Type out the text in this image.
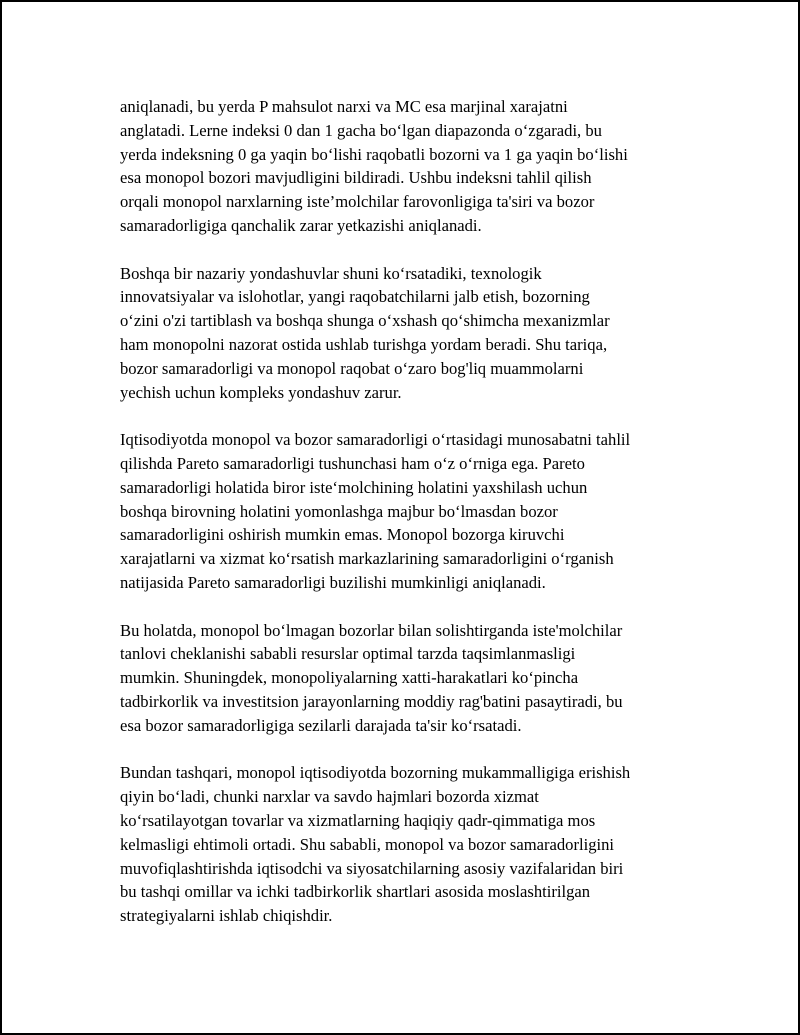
aniqlanadi, bu yerda P mahsulot narxi va MC esa marjinal xarajatni
anglatadi. Lerne indeksi 0 dan 1 gacha bo‘lgan diapazonda o‘zgaradi, bu
yerda indeksning 0 ga yaqin bo‘lishi raqobatli bozorni va 1 ga yaqin bo‘lishi
esa monopol bozori mavjudligini bildiradi. Ushbu indeksni tahlil qilish
orqali monopol narxlarning iste’molchilar farovonligiga ta'siri va bozor
samaradorligiga qanchalik zarar yetkazishi aniqlanadi.

Boshqa bir nazariy yondashuvlar shuni ko‘rsatadiki, texnologik
innovatsiyalar va islohotlar, yangi raqobatchilarni jalb etish, bozorning
o‘zini o'zi tartiblash va boshqa shunga o‘xshash qo‘shimcha mexanizmlar
ham monopolni nazorat ostida ushlab turishga yordam beradi. Shu tariqa,
bozor samaradorligi va monopol raqobat o‘zaro bog'liq muammolarni
yechish uchun kompleks yondashuv zarur.

Iqtisodiyotda monopol va bozor samaradorligi o‘rtasidagi munosabatni tahlil
qilishda Pareto samaradorligi tushunchasi ham o‘z o‘rniga ega. Pareto
samaradorligi holatida biror iste‘molchining holatini yaxshilash uchun
boshqa birovning holatini yomonlashga majbur bo‘lmasdan bozor
samaradorligini oshirish mumkin emas. Monopol bozorga kiruvchi
xarajatlarni va xizmat ko‘rsatish markazlarining samaradorligini o‘rganish
natijasida Pareto samaradorligi buzilishi mumkinligi aniqlanadi.

Bu holatda, monopol bo‘lmagan bozorlar bilan solishtirganda iste'molchilar
tanlovi cheklanishi sababli resurslar optimal tarzda taqsimlanmasligi
mumkin. Shuningdek, monopoliyalarning xatti-harakatlari ko‘pincha
tadbirkorlik va investitsion jarayonlarning moddiy rag'batini pasaytiradi, bu
esa bozor samaradorligiga sezilarli darajada ta'sir ko‘rsatadi.

Bundan tashqari, monopol iqtisodiyotda bozorning mukammalligiga erishish
qiyin bo‘ladi, chunki narxlar va savdo hajmlari bozorda xizmat
ko‘rsatilayotgan tovarlar va xizmatlarning haqiqiy qadr-qimmatiga mos
kelmasligi ehtimoli ortadi. Shu sababli, monopol va bozor samaradorligini
muvofiqlashtirishda iqtisodchi va siyosatchilarning asosiy vazifalaridan biri
bu tashqi omillar va ichki tadbirkorlik shartlari asosida moslashtirilgan
strategiyalarni ishlab chiqishdir.
